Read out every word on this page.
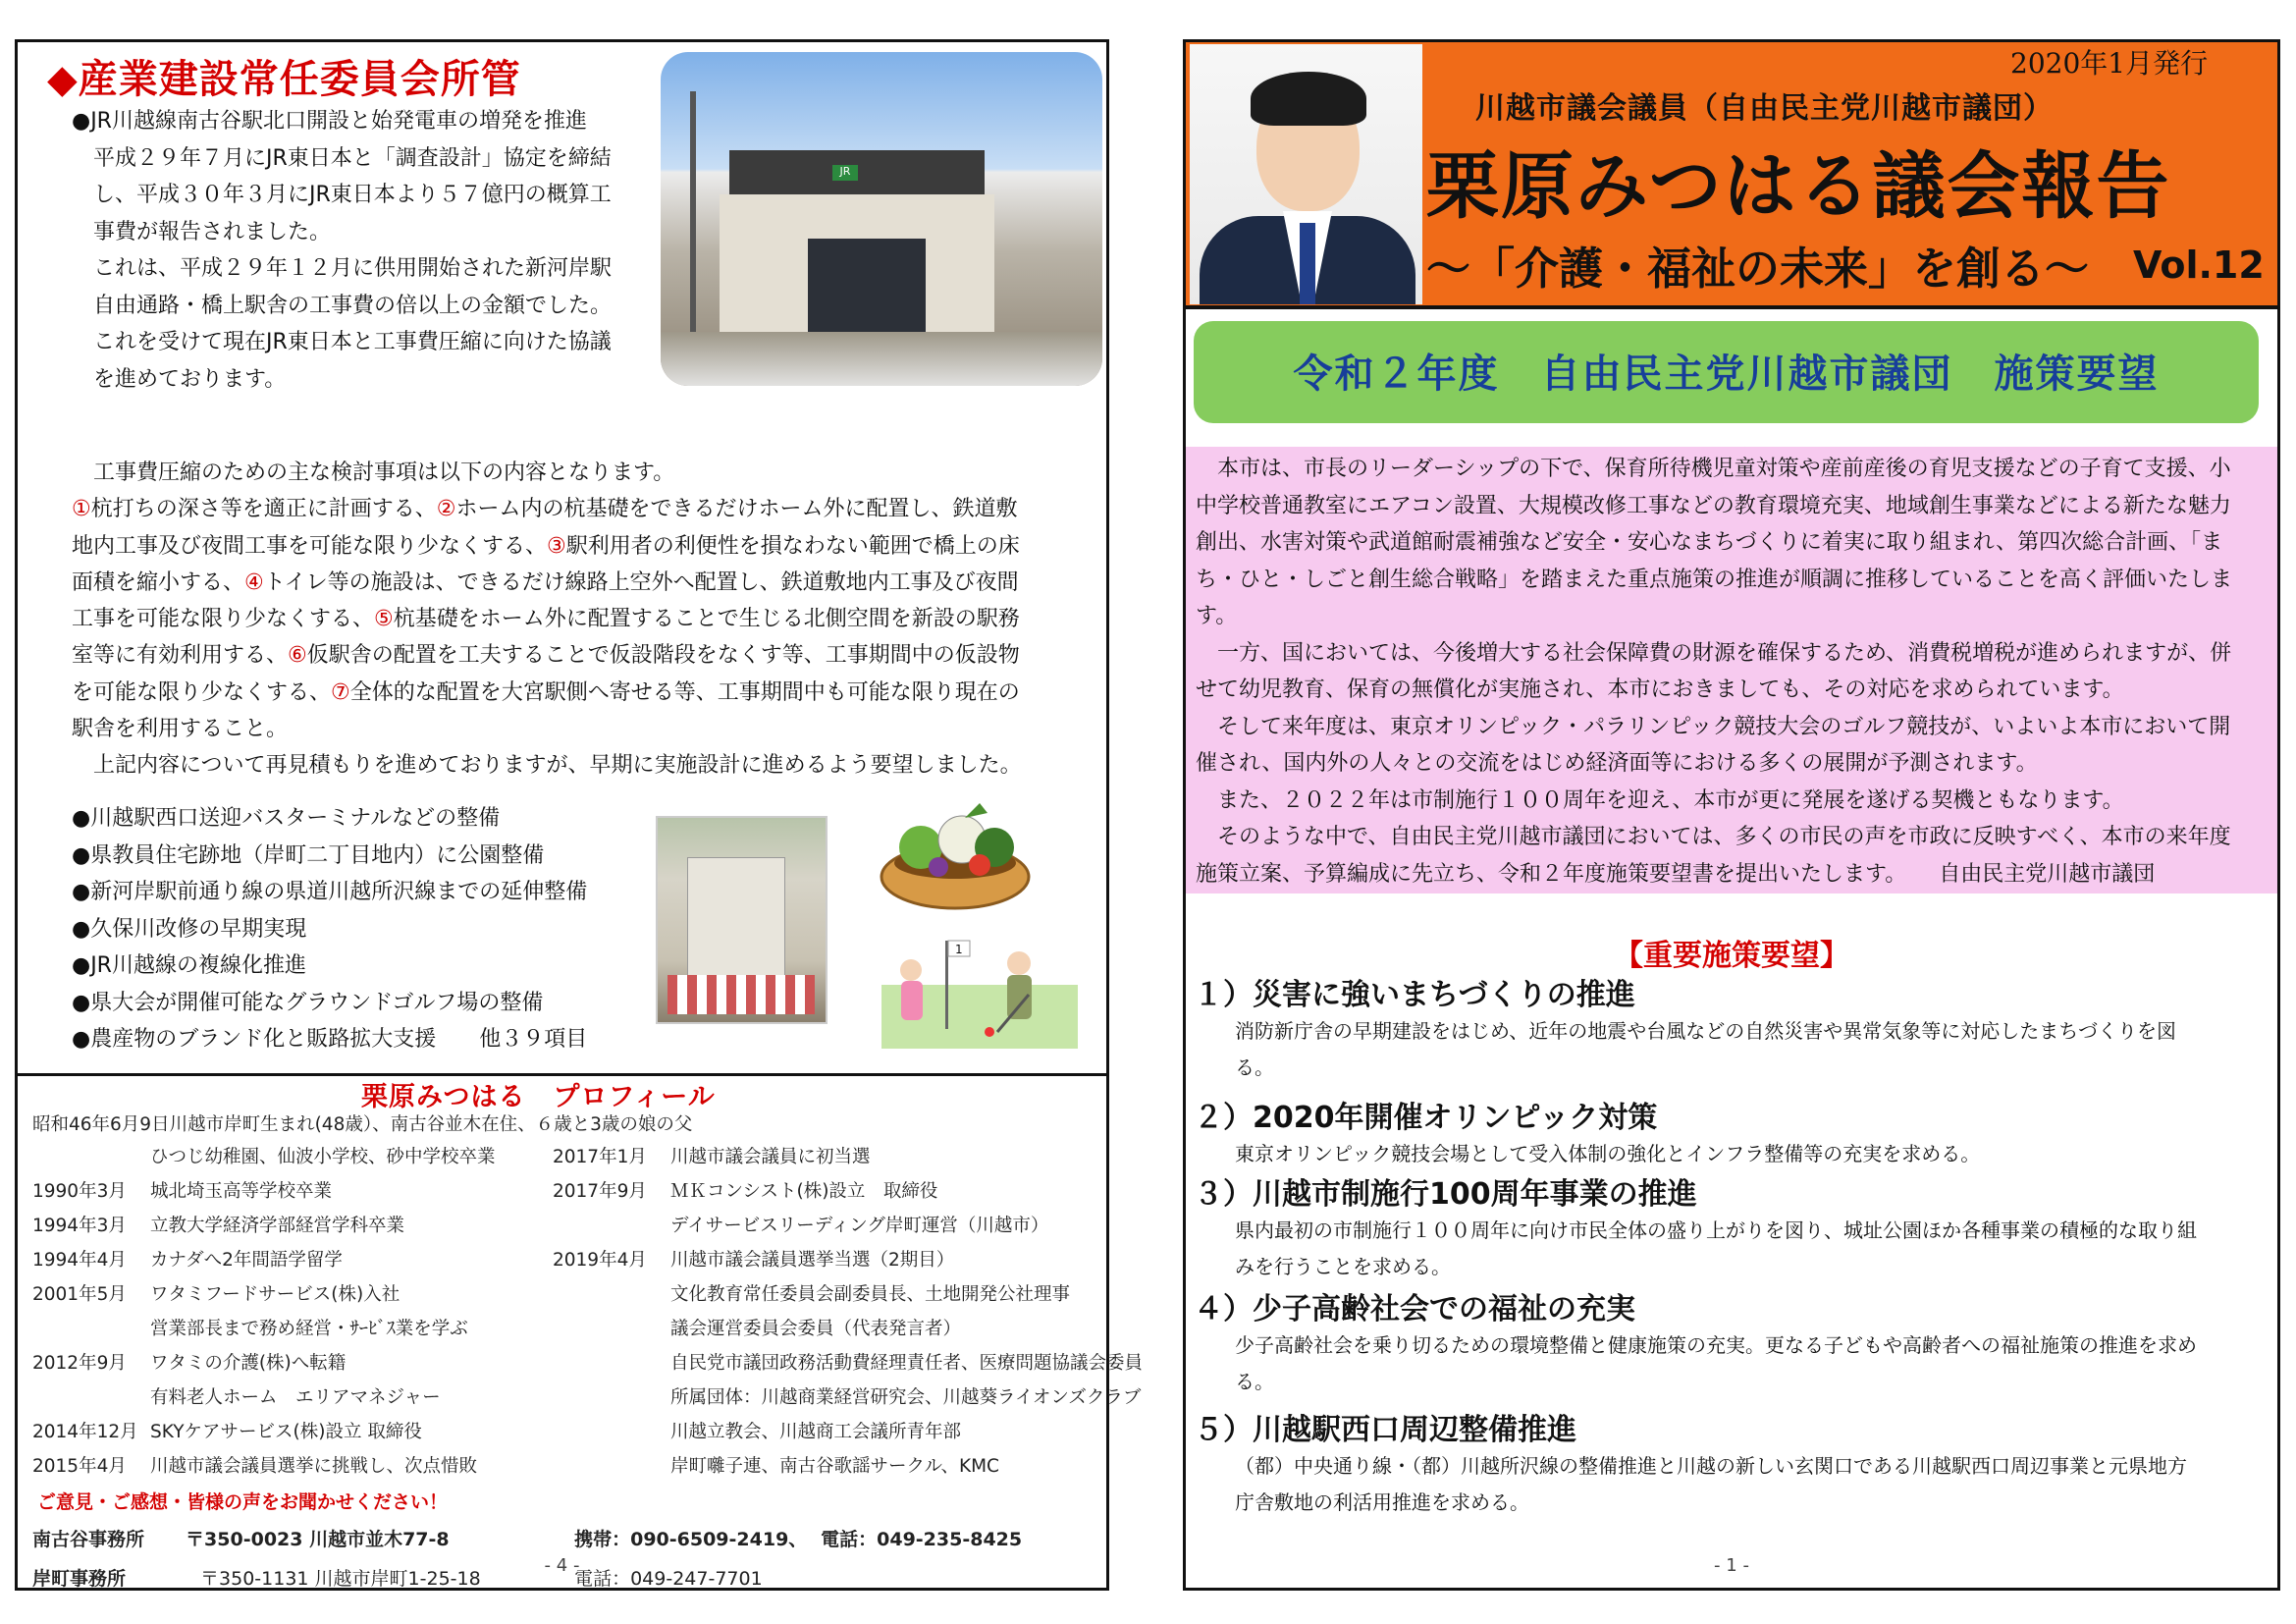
◆産業建設常任委員会所管

●JR川越線南古谷駅北口開設と始発電車の増発を推進

　平成２９年７月にJR東日本と「調査設計」協定を締結

　し、平成３０年３月にJR東日本より５７億円の概算工

　事費が報告されました。

　これは、平成２９年１２月に供用開始された新河岸駅

　自由通路・橋上駅舎の工事費の倍以上の金額でした。

　これを受けて現在JR東日本と工事費圧縮に向けた協議

　を進めております。

JR

　工事費圧縮のための主な検討事項は以下の内容となります。

①杭打ちの深さ等を適正に計画する、②ホーム内の杭基礎をできるだけホーム外に配置し、鉄道敷

地内工事及び夜間工事を可能な限り少なくする、③駅利用者の利便性を損なわない範囲で橋上の床

面積を縮小する、④トイレ等の施設は、できるだけ線路上空外へ配置し、鉄道敷地内工事及び夜間

工事を可能な限り少なくする、⑤杭基礎をホーム外に配置することで生じる北側空間を新設の駅務

室等に有効利用する、⑥仮駅舎の配置を工夫することで仮設階段をなくす等、工事期間中の仮設物

を可能な限り少なくする、⑦全体的な配置を大宮駅側へ寄せる等、工事期間中も可能な限り現在の

駅舎を利用すること。

　上記内容について再見積もりを進めておりますが、早期に実施設計に進めるよう要望しました。

●川越駅西口送迎バスターミナルなどの整備

●県教員住宅跡地（岸町二丁目地内）に公園整備

●新河岸駅前通り線の県道川越所沢線までの延伸整備

●久保川改修の早期実現

●JR川越線の複線化推進

●県大会が開催可能なグラウンドゴルフ場の整備

●農産物のブランド化と販路拡大支援　　他３９項目

1
栗原みつはる　プロフィール
昭和46年6月9日川越市岸町生まれ(48歳）、南古谷並木在住、６歳と3歳の娘の父
ひつじ幼稚園、仙波小学校、砂中学校卒業
1990年3月 城北埼玉高等学校卒業
1994年3月 立教大学経済学部経営学科卒業
1994年4月 カナダへ2年間語学留学
2001年5月 ワタミフードサービス(株)入社
営業部長まで務め経営・ｻｰﾋﾞｽ業を学ぶ
2012年9月 ワタミの介護(株)へ転籍
有料老人ホーム　エリアマネジャー
2014年12月 SKYケアサービス(株)設立 取締役
2015年4月 川越市議会議員選挙に挑戦し、次点惜敗
2017年1月 川越市議会議員に初当選
2017年9月 ＭＫコンシスト(株)設立　取締役
デイサービスリーディング岸町運営（川越市）
2019年4月 川越市議会議員選挙当選（2期目）
文化教育常任委員会副委員長、土地開発公社理事
議会運営委員会委員（代表発言者）
自民党市議団政務活動費経理責任者、医療問題協議会委員
所属団体：川越商業経営研究会、川越葵ライオンズクラブ
川越立教会、川越商工会議所青年部
岸町囃子連、南古谷歌謡サークル、KMC
ご意見・ご感想・皆様の声をお聞かせください！
南古谷事務所 〒350-0023 川越市並木77-8	携帯：090-6509-2419、 電話：049-235-8425
岸町事務所	〒350-1131 川越市岸町1-25-18	電話：049-247-7701
- 4 -
2020年1月発行
川越市議会議員（自由民主党川越市議団）
栗原みつはる議会報告
～「介護・福祉の未来」を創る～ Vol.12
令和２年度　自由民主党川越市議団　施策要望

　本市は、市長のリーダーシップの下で、保育所待機児童対策や産前産後の育児支援などの子育て支援、小

中学校普通教室にエアコン設置、大規模改修工事などの教育環境充実、地域創生事業などによる新たな魅力

創出、水害対策や武道館耐震補強など安全・安心なまちづくりに着実に取り組まれ、第四次総合計画、「ま

ち・ひと・しごと創生総合戦略」を踏まえた重点施策の推進が順調に推移していることを高く評価いたしま

す。

　一方、国においては、今後増大する社会保障費の財源を確保するため、消費税増税が進められますが、併

せて幼児教育、保育の無償化が実施され、本市におきましても、その対応を求められています。

　そして来年度は、東京オリンピック・パラリンピック競技大会のゴルフ競技が、いよいよ本市において開

催され、国内外の人々との交流をはじめ経済面等における多くの展開が予測されます。

　また、２０２２年は市制施行１００周年を迎え、本市が更に発展を遂げる契機ともなります。

　そのような中で、自由民主党川越市議団においては、多くの市民の声を市政に反映すべく、本市の来年度

施策立案、予算編成に先立ち、令和２年度施策要望書を提出いたします。　　自由民主党川越市議団

【重要施策要望】
１）災害に強いまちづくりの推進
消防新庁舎の早期建設をはじめ、近年の地震や台風などの自然災害や異常気象等に対応したまちづくりを図
る。
２）2020年開催オリンピック対策
東京オリンピック競技会場として受入体制の強化とインフラ整備等の充実を求める。
３）川越市制施行100周年事業の推進
県内最初の市制施行１００周年に向け市民全体の盛り上がりを図り、城址公園ほか各種事業の積極的な取り組
みを行うことを求める。
４）少子高齢社会での福祉の充実
少子高齢社会を乗り切るための環境整備と健康施策の充実。更なる子どもや高齢者への福祉施策の推進を求め
る。
５）川越駅西口周辺整備推進
（都）中央通り線・（都）川越所沢線の整備推進と川越の新しい玄関口である川越駅西口周辺事業と元県地方
庁舎敷地の利活用推進を求める。
- 1 -
